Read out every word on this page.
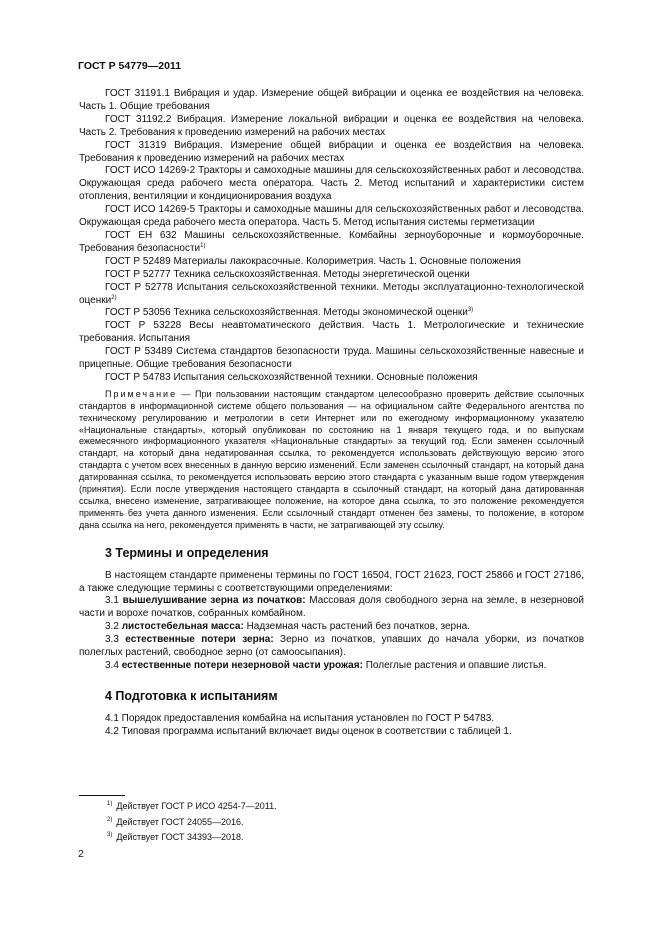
ГОСТ Р 54779—2011

ГОСТ 31191.1 Вибрация и удар. Измерение общей вибрации и оценка ее воздействия на человека. Часть 1. Общие требования

ГОСТ 31192.2 Вибрация. Измерение локальной вибрации и оценка ее воздействия на человека. Часть 2. Требования к проведению измерений на рабочих местах

ГОСТ 31319 Вибрация. Измерение общей вибрации и оценка ее воздействия на человека. Требования к проведению измерений на рабочих местах

ГОСТ ИСО 14269-2 Тракторы и самоходные машины для сельскохозяйственных работ и лесоводства. Окружающая среда рабочего места оператора. Часть 2. Метод испытаний и характеристики систем отопления, вентиляции и кондиционирования воздуха

ГОСТ ИСО 14269-5 Тракторы и самоходные машины для сельскохозяйственных работ и лесоводства. Окружающая среда рабочего места оператора. Часть 5. Метод испытания системы герметизации

ГОСТ ЕН 632 Машины сельскохозяйственные. Комбайны зерноуборочные и кормоуборочные. Требования безопасности$^{1)}$

ГОСТ Р 52489 Материалы лакокрасочные. Колориметрия. Часть 1. Основные положения

ГОСТ Р 52777 Техника сельскохозяйственная. Методы энергетической оценки

ГОСТ Р 52778 Испытания сельскохозяйственной техники. Методы эксплуатационно-технологической оценки$^{2)}$

ГОСТ Р 53056 Техника сельскохозяйственная. Методы экономической оценки$^{3)}$

ГОСТ Р 53228 Весы неавтоматического действия. Часть 1. Метрологические и технические требования. Испытания

ГОСТ Р 53489 Система стандартов безопасности труда. Машины сельскохозяйственные навесные и прицепные. Общие требования безопасности

ГОСТ Р 54783 Испытания сельскохозяйственной техники. Основные положения

Примечание — При пользовании настоящим стандартом целесообразно проверить действие ссылочных стандартов в информационной системе общего пользования — на официальном сайте Федерального агентства по техническому регулированию и метрологии в сети Интернет или по ежегодному информационному указателю «Национальные стандарты», который опубликован по состоянию на 1 января текущего года, и по выпускам ежемесячного информационного указателя «Национальные стандарты» за текущий год. Если заменен ссылочный стандарт, на который дана недатированная ссылка, то рекомендуется использовать действующую версию этого стандарта с учетом всех внесенных в данную версию изменений. Если заменен ссылочный стандарт, на который дана датированная ссылка, то рекомендуется использовать версию этого стандарта с указанным выше годом утверждения (принятия). Если после утверждения настоящего стандарта в ссылочный стандарт, на который дана датированная ссылка, внесено изменение, затрагивающее положение, на которое дана ссылка, то это положение рекомендуется применять без учета данного изменения. Если ссылочный стандарт отменен без замены, то положение, в котором дана ссылка на него, рекомендуется применять в части, не затрагивающей эту ссылку.

3 Термины и определения

В настоящем стандарте применены термины по ГОСТ 16504, ГОСТ 21623, ГОСТ 25866 и ГОСТ 27186, а также следующие термины с соответствующими определениями:

3.1 вышелушивание зерна из початков: Массовая доля свободного зерна на земле, в незерновой части и ворохе початков, собранных комбайном.

3.2 листостебельная масса: Надземная часть растений без початков, зерна.

3.3 естественные потери зерна: Зерно из початков, упавших до начала уборки, из початков полеглых растений, свободное зерно (от самоосыпания).

3.4 естественные потери незерновой части урожая: Полеглые растения и опавшие листья.

4 Подготовка к испытаниям

4.1 Порядок предоставления комбайна на испытания установлен по ГОСТ Р 54783.

4.2 Типовая программа испытаний включает виды оценок в соответствии с таблицей 1.

$^{1)}$ Действует ГОСТ Р ИСО 4254-7—2011.
$^{2)}$ Действует ГОСТ 24055—2016.
$^{3)}$ Действует ГОСТ 34393—2018.
2
